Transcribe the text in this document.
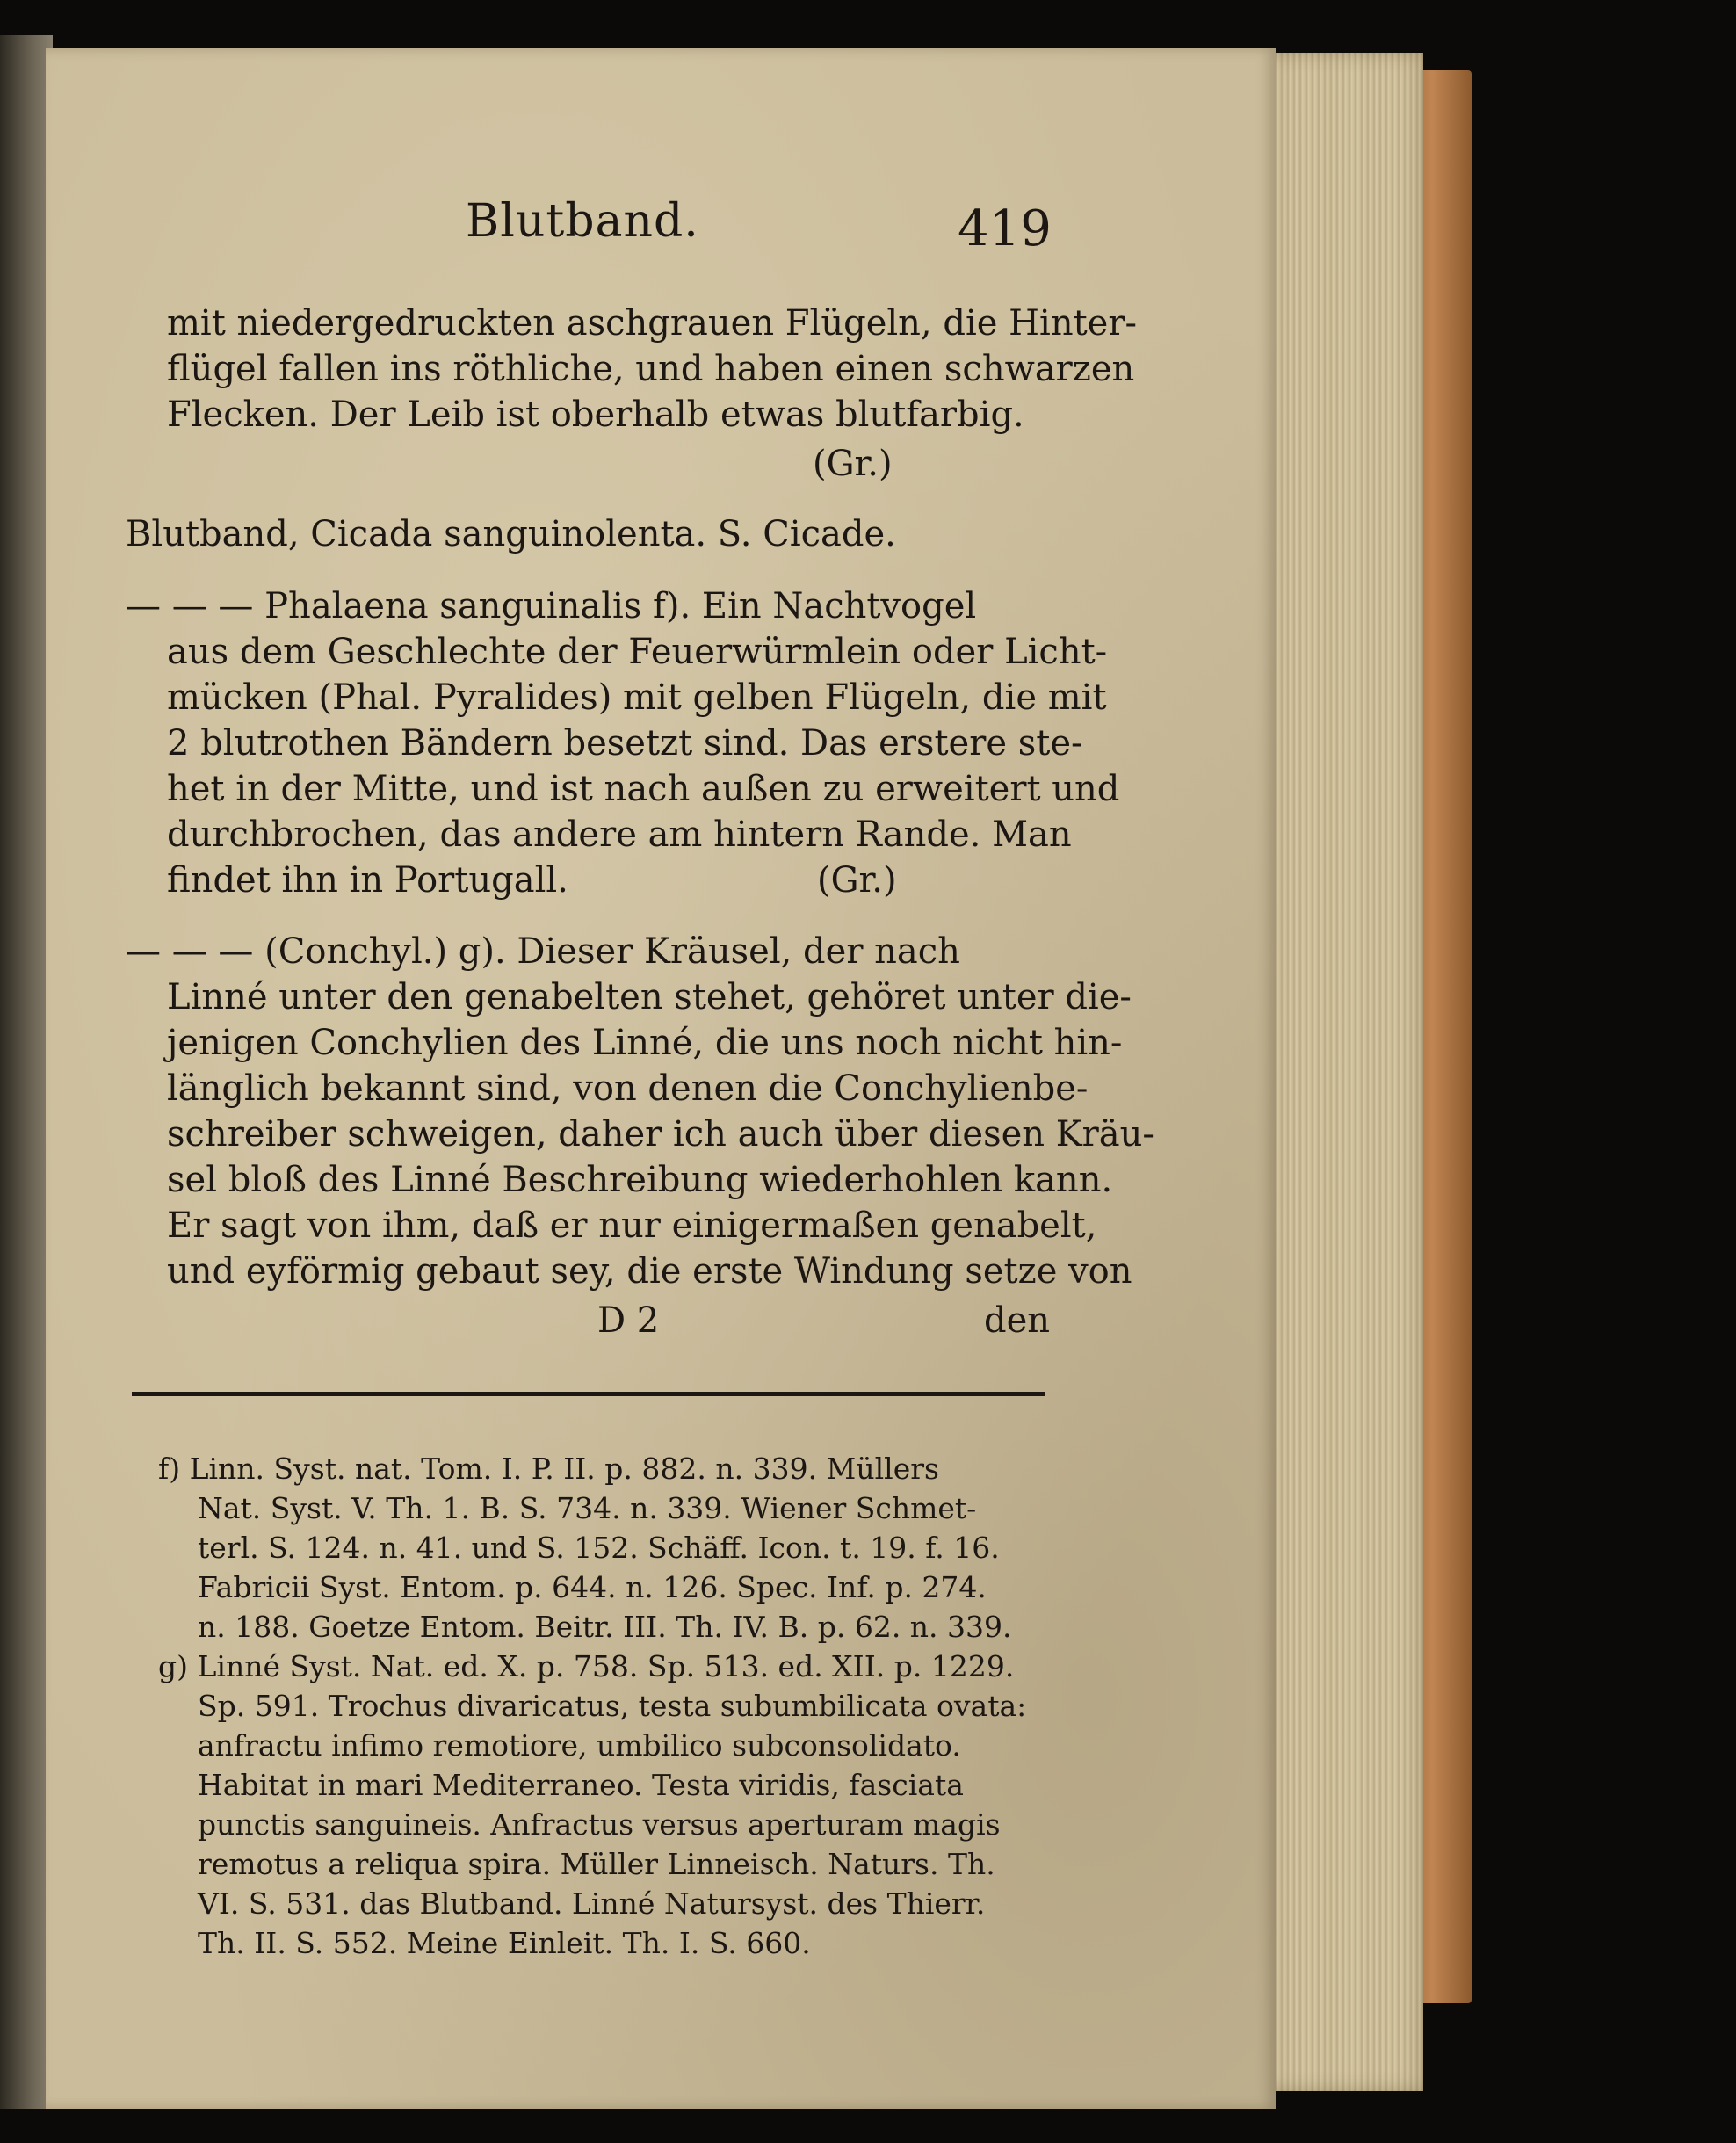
Blutband.	419
mit niedergedruckten aschgrauen Flügeln, die Hinter-
flügel fallen ins röthliche, und haben einen schwarzen
Flecken. Der Leib ist oberhalb etwas blutfarbig.
(Gr.)
Blutband, Cicada sanguinolenta. S. Cicade.
— — — Phalaena sanguinalis f). Ein Nachtvogel
aus dem Geschlechte der Feuerwürmlein oder Licht-
mücken (Phal. Pyralides) mit gelben Flügeln, die mit
2 blutrothen Bändern besetzt sind. Das erstere ste-
het in der Mitte, und ist nach außen zu erweitert und
durchbrochen, das andere am hintern Rande. Man
findet ihn in Portugall.	(Gr.)
— — — (Conchyl.) g). Dieser Kräusel, der nach
Linné unter den genabelten stehet, gehöret unter die-
jenigen Conchylien des Linné, die uns noch nicht hin-
länglich bekannt sind, von denen die Conchylienbe-
schreiber schweigen, daher ich auch über diesen Kräu-
sel bloß des Linné Beschreibung wiederhohlen kann.
Er sagt von ihm, daß er nur einigermaßen genabelt,
und eyförmig gebaut sey, die erste Windung setze von
D 2	den
f) Linn. Syst. nat. Tom. I. P. II. p. 882. n. 339. Müllers
Nat. Syst. V. Th. 1. B. S. 734. n. 339. Wiener Schmet-
terl. S. 124. n. 41. und S. 152. Schäff. Icon. t. 19. f. 16.
Fabricii Syst. Entom. p. 644. n. 126. Spec. Inf. p. 274.
n. 188. Goetze Entom. Beitr. III. Th. IV. B. p. 62. n. 339.
g) Linné Syst. Nat. ed. X. p. 758. Sp. 513. ed. XII. p. 1229.
Sp. 591. Trochus divaricatus, testa subumbilicata ovata:
anfractu infimo remotiore, umbilico subconsolidato.
Habitat in mari Mediterraneo. Testa viridis, fasciata
punctis sanguineis. Anfractus versus aperturam magis
remotus a reliqua spira. Müller Linneisch. Naturs. Th.
VI. S. 531. das Blutband. Linné Natursyst. des Thierr.
Th. II. S. 552. Meine Einleit. Th. I. S. 660.
